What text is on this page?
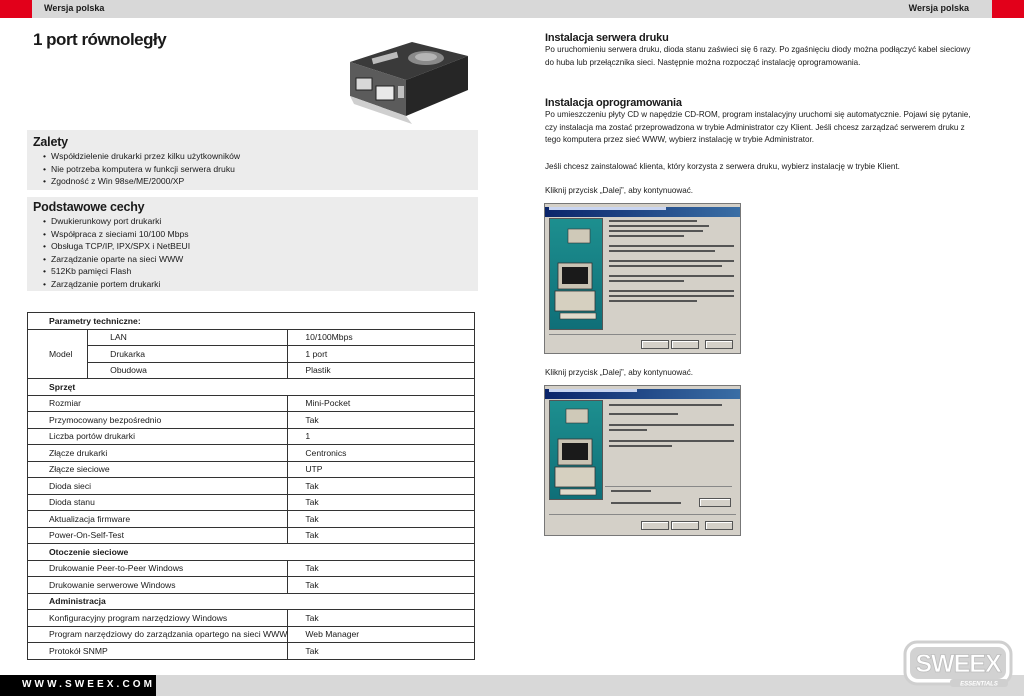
Wersja polska	Wersja polska
1 port równoległy
Zalety
• Współdzielenie drukarki przez kilku użytkowników
• Nie potrzeba komputera w funkcji serwera druku
• Zgodność z Win 98se/ME/2000/XP
Podstawowe cechy
• Dwukierunkowy port drukarki
• Współpraca z sieciami 10/100 Mbps
• Obsługa TCP/IP, IPX/SPX i NetBEUI
• Zarządzanie oparte na sieci WWW
• 512Kb pamięci Flash
• Zarządzanie portem drukarki
Parametry techniczne:		
Model	LAN	10/100Mbps
	Drukarka	1 port
	Obudowa	Plastik
Sprzęt		
Rozmiar		Mini-Pocket
Przymocowany bezpośrednio		Tak
Liczba portów drukarki		1
Złącze drukarki		Centronics
Złącze sieciowe		UTP
Dioda sieci		Tak
Dioda stanu		Tak
Aktualizacja firmware		Tak
Power-On-Self-Test		Tak
Otoczenie sieciowe		
Drukowanie Peer-to-Peer Windows		Tak
Drukowanie serwerowe Windows		Tak
Administracja		
Konfiguracyjny program narzędziowy Windows		Tak
Program narzędziowy do zarządzania opartego na sieci WWW		Web Manager
Protokół SNMP		Tak
Instalacja serwera druku

Po uruchomieniu serwera druku, dioda stanu zaświeci się 6 razy. Po zgaśnięciu diody można podłączyć kabel sieciowy do huba lub przełącznika sieci. Następnie można rozpocząć instalację oprogramowania.

Instalacja oprogramowania

Po umieszczeniu płyty CD w napędzie CD-ROM, program instalacyjny uruchomi się automatycznie. Pojawi się pytanie, czy instalacja ma zostać przeprowadzona w trybie Administrator czy Klient. Jeśli chcesz zarządzać serwerem druku z tego komputera przez sieć WWW, wybierz instalację w trybie Administrator.

Jeśli chcesz zainstalować klienta, który korzysta z serwera druku, wybierz instalację w trybie Klient.

Kliknij przycisk „Dalej”, aby kontynuować.

Kliknij przycisk „Dalej”, aby kontynuować.

WWW.SWEEX.COM
SWEEX
ESSENTIALS
